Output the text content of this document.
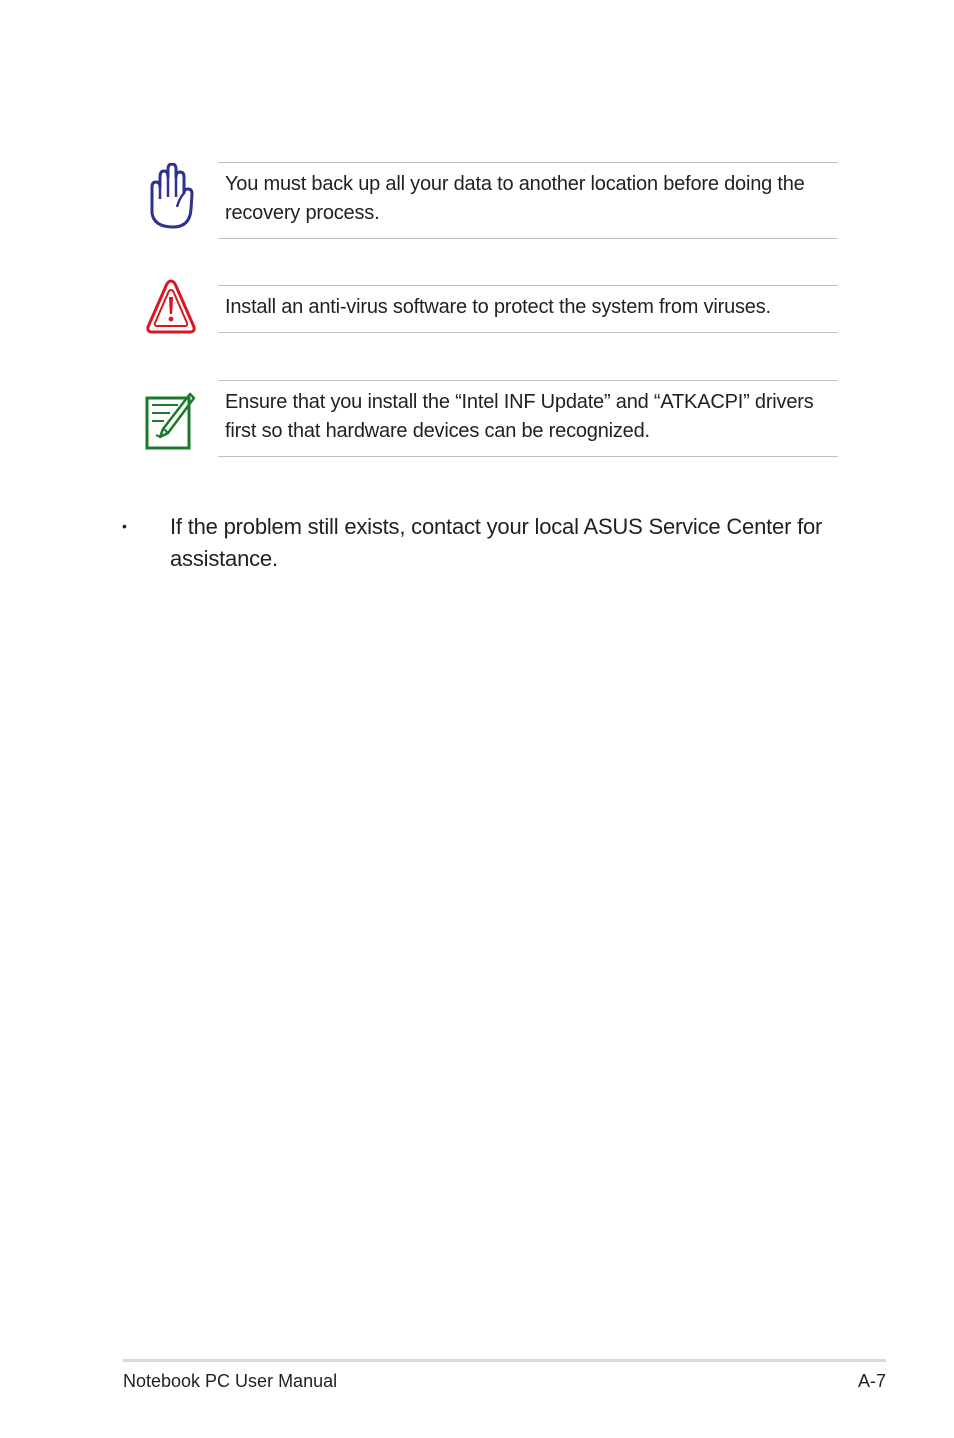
You must back up all your data to another location before doing the recovery process.
Install an anti-virus software to protect the system from viruses.
Ensure that you install the “Intel INF Update” and “ATKACPI” drivers first so that hardware devices can be recognized.
• If the problem still exists, contact your local ASUS Service Center for assistance.
Notebook PC User Manual	A-7
